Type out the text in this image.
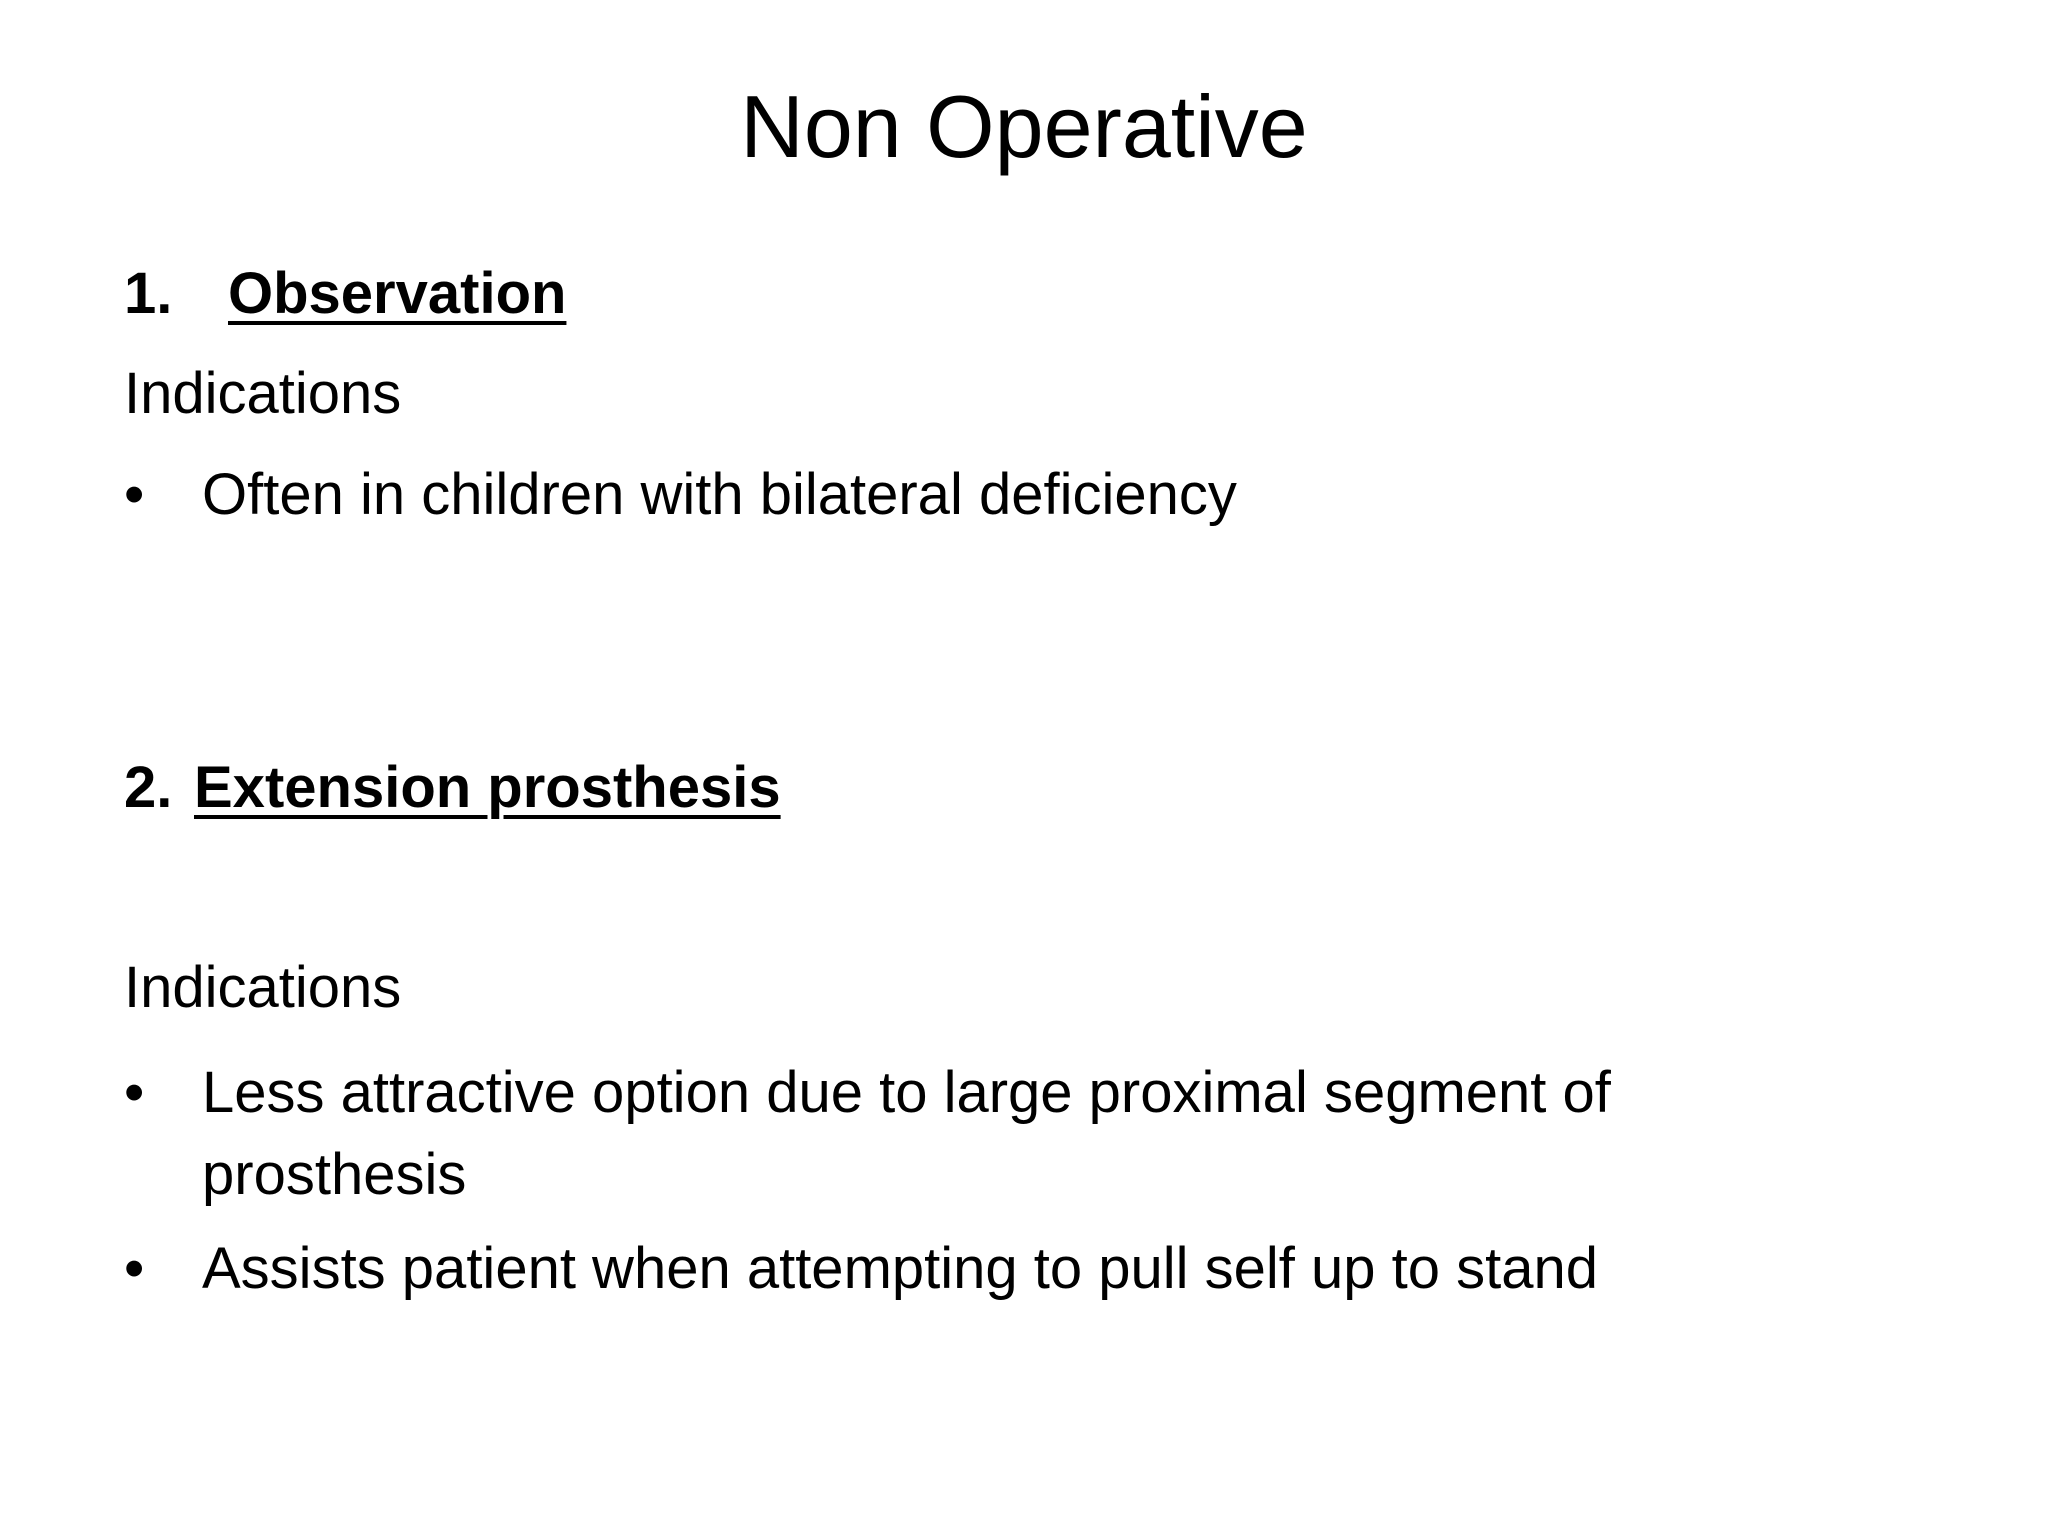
Non Operative
1. Observation
Indications
• Often in children with bilateral deficiency
2. Extension prosthesis
Indications
• Less attractive option due to large proximal segment of prosthesis
• Assists patient when attempting to pull self up to stand
